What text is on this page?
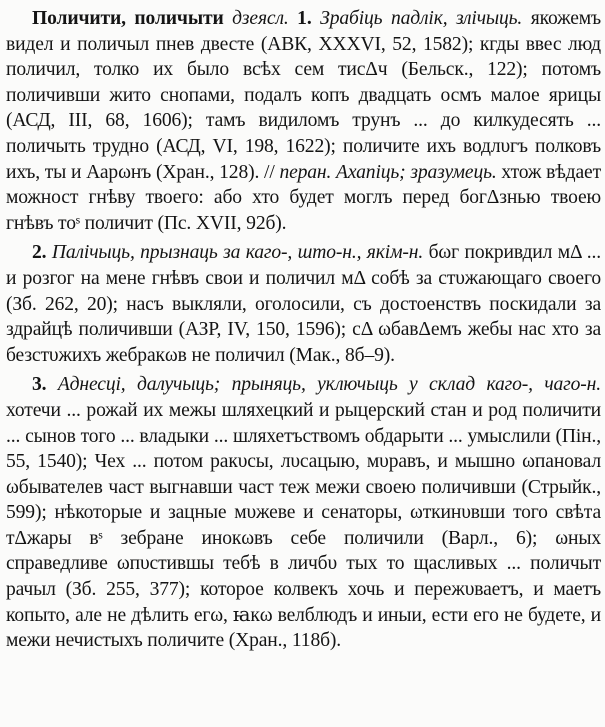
Поличити, поличыти дзеясл. 1. Зрабіць падлік, злічыць. якожемъ видел и поличыл пнев двесте (АВК, XXXVI, 52, 1582); кгды ввес люд поличил, толко их было всѣх сем тисΔч (Бельск., 122); потомъ поличивши жито снопами, подалъ копъ двадцать осмъ малое ярицы (АСД, III, 68, 1606); тамъ видиломъ трунъ ... до килкудесять ... поличыть трудно (АСД, VI, 198, 1622); поличите ихъ водлυгъ полковъ ихъ, ты и Аарωнъ (Хран., 128). // перан. Ахапіць; зразумець. хтож вѣдает можност гнѣву твоего: або хто будет моглъ перед богΔзнью твоею гнѣвъ тоˢ поличит (Пс. XVII, 92б).

2. Палічыць, прызнаць за каго-, што-н., якім-н. бωг покривдил мΔ ... и розгог на мене гнѣвъ свои и поличил мΔ собѣ за стυжающаго своего (Зб. 262, 20); насъ выкляли, оголосили, съ достоенствъ поскидали за здрайцѣ поличивши (АЗР, IV, 150, 1596); сΔ ωбавΔемъ жебы нас хто за безстυжихъ жебракωв не поличил (Мак., 8б–9).

3. Аднесці, далучыць; прыняць, уключыць у склад каго-, чаго-н. хотечи ... рожай их межы шляхецкий и рыцерский стан и род поличити ... сынов того ... владыки ... шляхетъствомъ обдарыти ... умыслили (Пін., 55, 1540); Чех ... потом ракυсы, лυсацыю, мυравъ, и мышно ωпановал ωбывателев част выгнавши част теж межи своею поличивши (Стрыйк., 599); нѣкоторые и зацные мυжеве и сенаторы, ωткинυвши того свѣта тΔжары вˢ зебране инокωвъ себе поличили (Варл., 6); ωных справедливе ωпυстившы тебѣ в личбυ тых то щасливых ... поличыт рачыл (Зб. 255, 377); которое колвекъ хочь и пережυваетъ, и маетъ копыто, але не дѣлить егω, ꙗкω велблюдъ и иныи, ести его не будете, и межи нечистыхъ поличите (Хран., 118б).
